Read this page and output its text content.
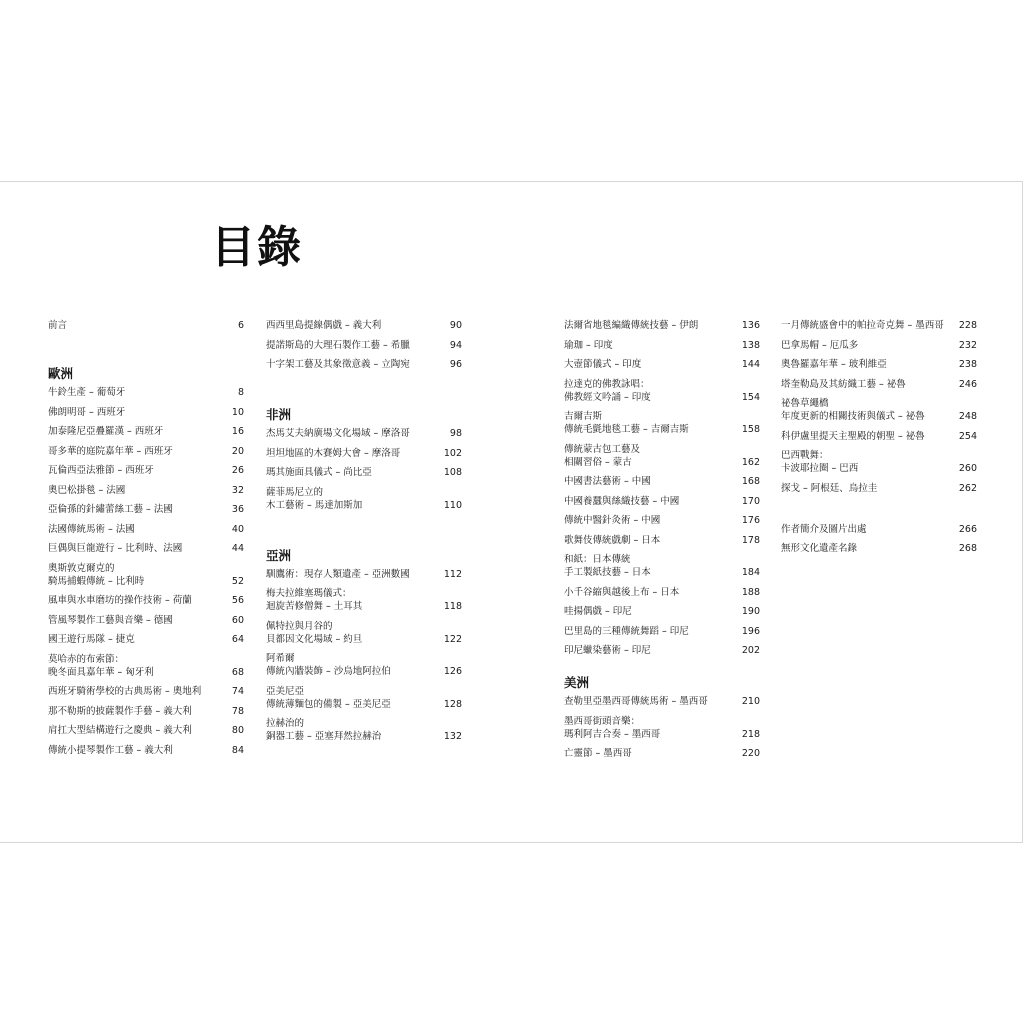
目錄
前言	6
歐洲
牛鈴生產 – 葡萄牙	8
佛朗明哥 – 西班牙	10
加泰隆尼亞疊羅漢 – 西班牙	16
哥多華的庭院嘉年華 – 西班牙	20
瓦倫西亞法雅節 – 西班牙	26
奧巴松掛毯 – 法國	32
亞倫孫的針繡蕾絲工藝 – 法國	36
法國傳統馬術 – 法國	40
巨偶與巨龍遊行 – 比利時、法國	44
奧斯敦克爾克的
騎馬捕蝦傳統 – 比利時	52
風車與水車磨坊的操作技術 – 荷蘭	56
管風琴製作工藝與音樂 – 德國	60
國王遊行馬隊 – 捷克	64
莫哈赤的布索節：
晚冬面具嘉年華 – 匈牙利	68
西班牙騎術學校的古典馬術 – 奧地利	74
那不勒斯的披薩製作手藝 – 義大利	78
肩扛大型結構遊行之慶典 – 義大利	80
傳統小提琴製作工藝 – 義大利	84
西西里島提線偶戲 – 義大利	90
提諾斯島的大理石製作工藝 – 希臘	94
十字架工藝及其象徵意義 – 立陶宛	96
非洲
杰馬艾夫納廣場文化場域 – 摩洛哥	98
坦坦地區的木賽姆大會 – 摩洛哥	102
瑪其施面具儀式 – 尚比亞	108
薩菲馬尼立的
木工藝術 – 馬達加斯加	110
亞洲
馴鷹術：現存人類遺產 – 亞洲數國	112
梅夫拉維塞瑪儀式：
迴旋苦修僧舞 – 土耳其	118
佩特拉與月谷的
貝都因文化場域 – 約旦	122
阿希爾
傳統內牆裝飾 – 沙烏地阿拉伯	126
亞美尼亞
傳統薄麵包的備製 – 亞美尼亞	128
拉赫治的
銅器工藝 – 亞塞拜然拉赫治	132
法爾省地毯編織傳統技藝 – 伊朗	136
瑜珈 – 印度	138
大壺節儀式 – 印度	144
拉達克的佛教詠唱：
佛教經文吟誦 – 印度	154
吉爾吉斯
傳統毛氈地毯工藝 – 吉爾吉斯	158
傳統蒙古包工藝及
相關習俗 – 蒙古	162
中國書法藝術 – 中國	168
中國養蠶與絲織技藝 – 中國	170
傳統中醫針灸術 – 中國	176
歌舞伎傳統戲劇 – 日本	178
和紙：日本傳統
手工製紙技藝 – 日本	184
小千谷縮與越後上布 – 日本	188
哇揚偶戲 – 印尼	190
巴里島的三種傳統舞蹈 – 印尼	196
印尼蠟染藝術 – 印尼	202
美洲
查勒里亞墨西哥傳統馬術 – 墨西哥	210
墨西哥街頭音樂：
瑪利阿吉合奏 – 墨西哥	218
亡靈節 – 墨西哥	220
一月傳統盛會中的帕拉奇克舞 – 墨西哥	228
巴拿馬帽 – 厄瓜多	232
奧魯羅嘉年華 – 玻利維亞	238
塔奎勒島及其紡織工藝 – 祕魯	246
祕魯草繩橋
年度更新的相關技術與儀式 – 祕魯	248
科伊盧里提天主聖殿的朝聖 – 祕魯	254
巴西戰舞：
卡波耶拉圈 – 巴西	260
探戈 – 阿根廷、烏拉圭	262
作者簡介及圖片出處	266
無形文化遺產名錄	268
